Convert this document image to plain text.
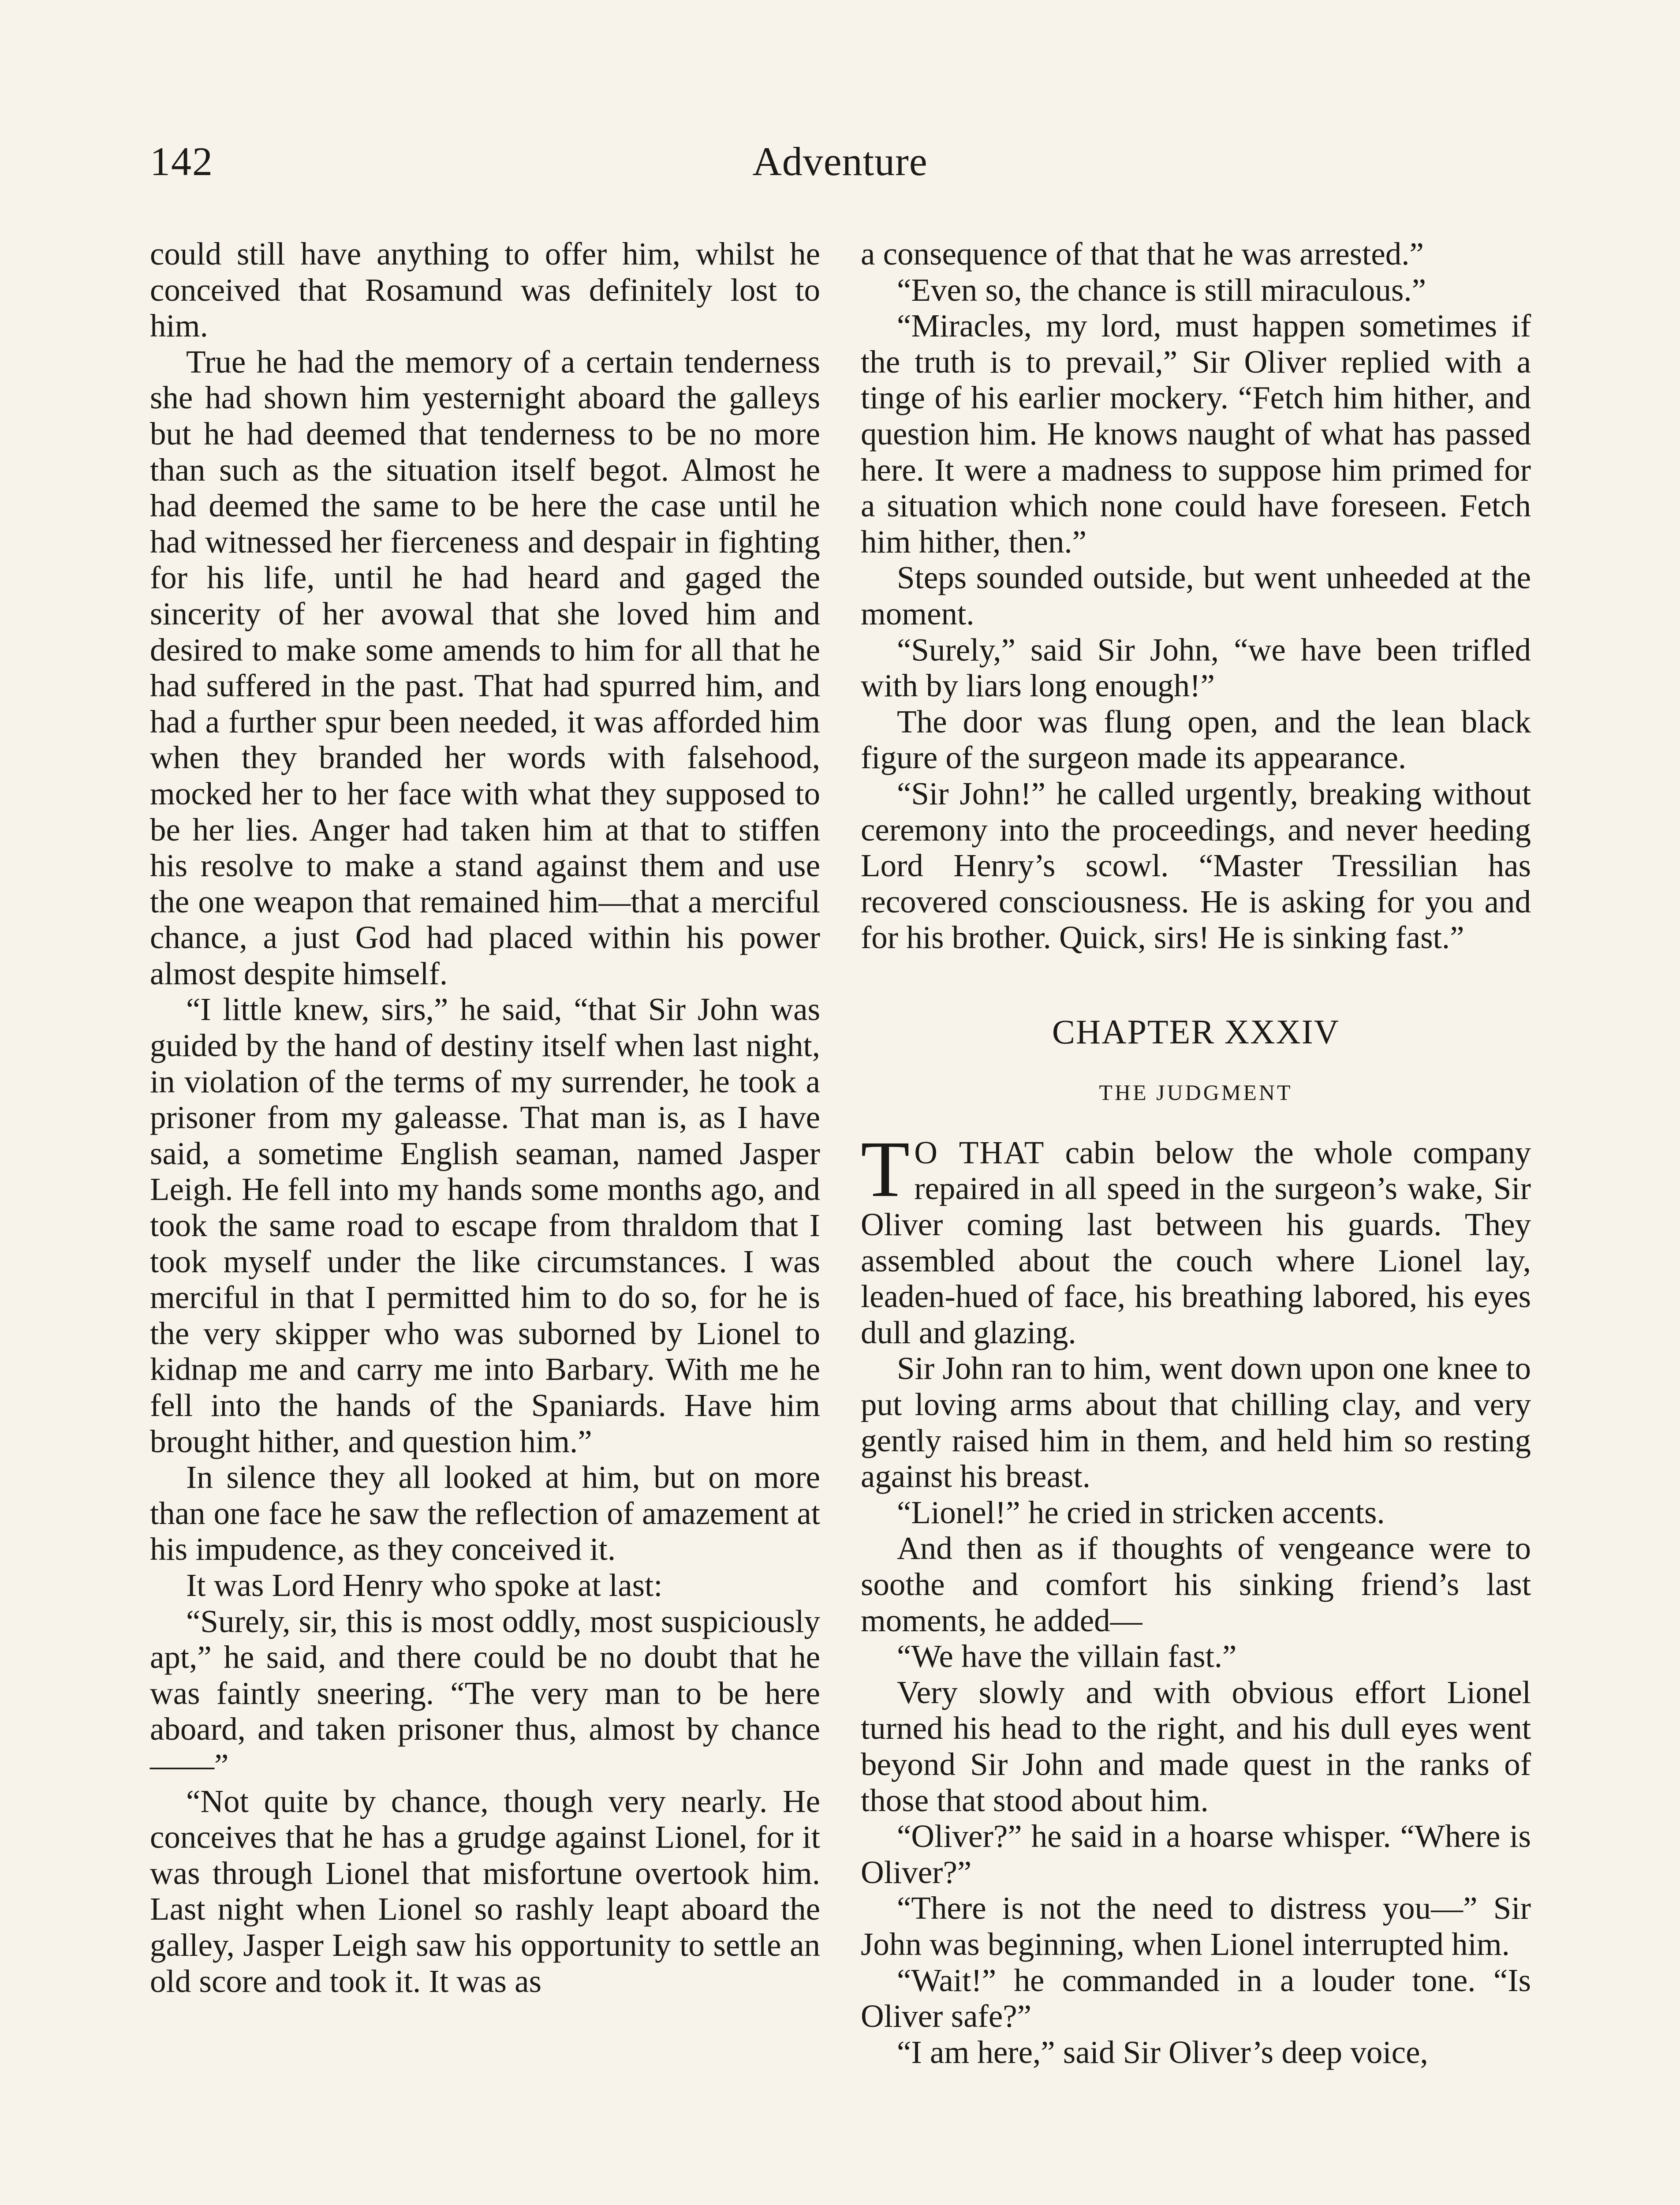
142	Adventure

could still have anything to offer him, whilst he conceived that Rosamund was definitely lost to him.

True he had the memory of a certain tenderness she had shown him yesternight aboard the galleys but he had deemed that tenderness to be no more than such as the situation itself begot. Almost he had deemed the same to be here the case until he had witnessed her fierceness and despair in fighting for his life, until he had heard and gaged the sincerity of her avowal that she loved him and desired to make some amends to him for all that he had suffered in the past. That had spurred him, and had a further spur been needed, it was afforded him when they branded her words with falsehood, mocked her to her face with what they supposed to be her lies. Anger had taken him at that to stiffen his resolve to make a stand against them and use the one weapon that remained him—that a merciful chance, a just God had placed within his power almost despite himself.

“I little knew, sirs,” he said, “that Sir John was guided by the hand of destiny itself when last night, in violation of the terms of my surrender, he took a prisoner from my galeasse. That man is, as I have said, a sometime English seaman, named Jasper Leigh. He fell into my hands some months ago, and took the same road to escape from thraldom that I took myself under the like circumstances. I was merciful in that I permitted him to do so, for he is the very skipper who was suborned by Lionel to kidnap me and carry me into Barbary. With me he fell into the hands of the Spaniards. Have him brought hither, and question him.”

In silence they all looked at him, but on more than one face he saw the reflection of amazement at his impudence, as they conceived it.

It was Lord Henry who spoke at last:

“Surely, sir, this is most oddly, most suspiciously apt,” he said, and there could be no doubt that he was faintly sneering. “The very man to be here aboard, and taken prisoner thus, almost by chance——”

“Not quite by chance, though very nearly. He conceives that he has a grudge against Lionel, for it was through Lionel that misfortune overtook him. Last night when Lionel so rashly leapt aboard the galley, Jasper Leigh saw his opportunity to settle an old score and took it. It was as

a consequence of that that he was arrested.”

“Even so, the chance is still miraculous.”

“Miracles, my lord, must happen sometimes if the truth is to prevail,” Sir Oliver replied with a tinge of his earlier mockery. “Fetch him hither, and question him. He knows naught of what has passed here. It were a madness to suppose him primed for a situation which none could have foreseen. Fetch him hither, then.”

Steps sounded outside, but went unheeded at the moment.

“Surely,” said Sir John, “we have been trifled with by liars long enough!”

The door was flung open, and the lean black figure of the surgeon made its appearance.

“Sir John!” he called urgently, breaking without ceremony into the proceedings, and never heeding Lord Henry’s scowl. “Master Tressilian has recovered consciousness. He is asking for you and for his brother. Quick, sirs! He is sinking fast.”

CHAPTER XXXIV
THE JUDGMENT

T O THAT cabin below the whole company repaired in all speed in the surgeon’s wake, Sir Oliver coming last between his guards. They assembled about the couch where Lionel lay, leaden-hued of face, his breathing labored, his eyes dull and glazing.

Sir John ran to him, went down upon one knee to put loving arms about that chilling clay, and very gently raised him in them, and held him so resting against his breast.

“Lionel!” he cried in stricken accents.

And then as if thoughts of vengeance were to soothe and comfort his sinking friend’s last moments, he added—

“We have the villain fast.”

Very slowly and with obvious effort Lionel turned his head to the right, and his dull eyes went beyond Sir John and made quest in the ranks of those that stood about him.

“Oliver?” he said in a hoarse whisper. “Where is Oliver?”

“There is not the need to distress you—” Sir John was beginning, when Lionel interrupted him.

“Wait!” he commanded in a louder tone. “Is Oliver safe?”

“I am here,” said Sir Oliver’s deep voice,
